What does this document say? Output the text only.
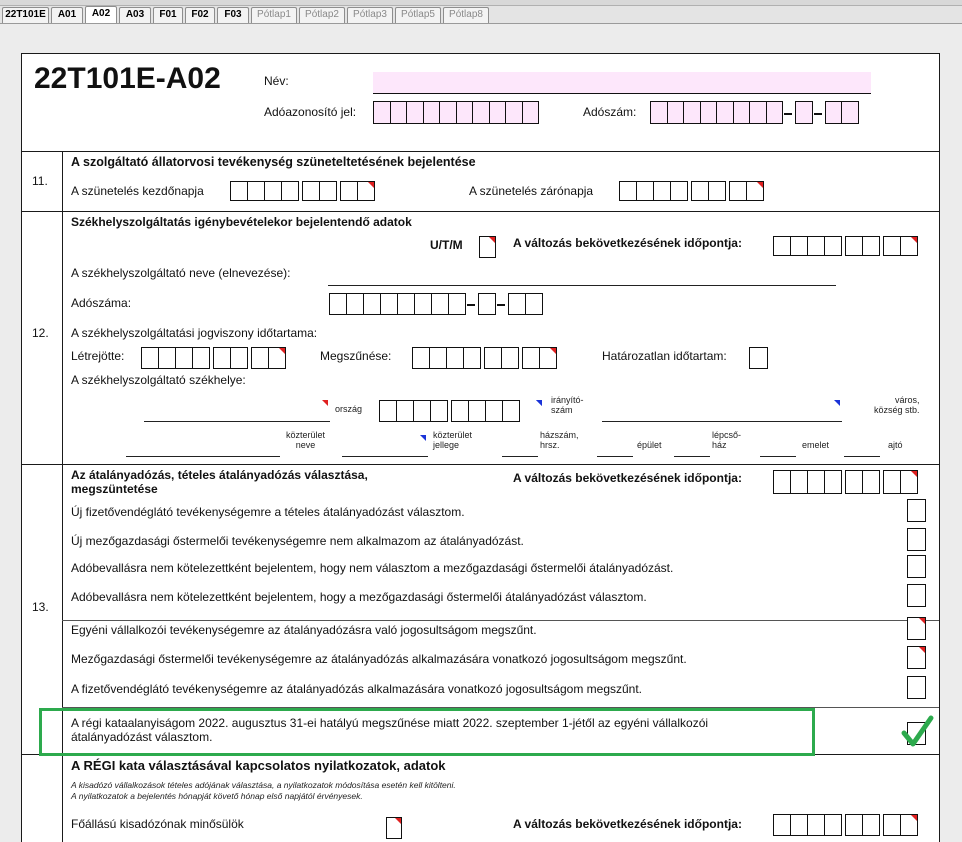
22T101E	A01	A02	A03	F01	F02	F03	Pótlap1	Pótlap2	Pótlap3	Pótlap5	Pótlap8
22T101E-A02	Név:
Adóazonosító jel:	Adószám:
11.
A szolgáltató állatorvosi tevékenység szüneteltetésének bejelentése
A szünetelés kezdőnapja	A szünetelés zárónapja
12.
Székhelyszolgáltatás igénybevételekor bejelentendő adatok
U/T/M	A változás bekövetkezésének időpontja:
A székhelyszolgáltató neve (elnevezése):
Adószáma:
A székhelyszolgáltatási jogviszony időtartama:
Létrejötte:	Megszűnése:	Határozatlan időtartam:
A székhelyszolgáltató székhelye:
ország
irányító-
szám
város,
község stb.
közterület
neve
közterület
jellege
házszám,
hrsz.	épület
lépcső-
ház	emelet	ajtó
13.
Az átalányadózás, tételes átalányadózás választása, megszüntetése
A változás bekövetkezésének időpontja:
A régi kataalanyiságom 2022. augusztus 31-ei hatályú megszűnése miatt 2022. szeptember 1-jétől az egyéni vállalkozói
átalányadózást választom.
A RÉGI kata választásával kapcsolatos nyilatkozatok, adatok
A kisadózó vállalkozások tételes adójának választása, a nyilatkozatok módosítása esetén kell kitölteni.
A nyilatkozatok a bejelentés hónapját követő hónap első napjától érvényesek.
Főállású kisadózónak minősülök	A változás bekövetkezésének időpontja:
Új fizetővendéglátó tevékenységemre a tételes átalányadózást választom.
Új mezőgazdasági őstermelői tevékenységemre nem alkalmazom az átalányadózást.
Adóbevallásra nem kötelezettként bejelentem, hogy nem választom a mezőgazdasági őstermelői átalányadózást.
Adóbevallásra nem kötelezettként bejelentem, hogy a mezőgazdasági őstermelői átalányadózást választom.
Egyéni vállalkozói tevékenységemre az átalányadózásra való jogosultságom megszűnt.
Mezőgazdasági őstermelői tevékenységemre az átalányadózás alkalmazására vonatkozó jogosultságom megszűnt.
A fizetővendéglátó tevékenységemre az átalányadózás alkalmazására vonatkozó jogosultságom megszűnt.
